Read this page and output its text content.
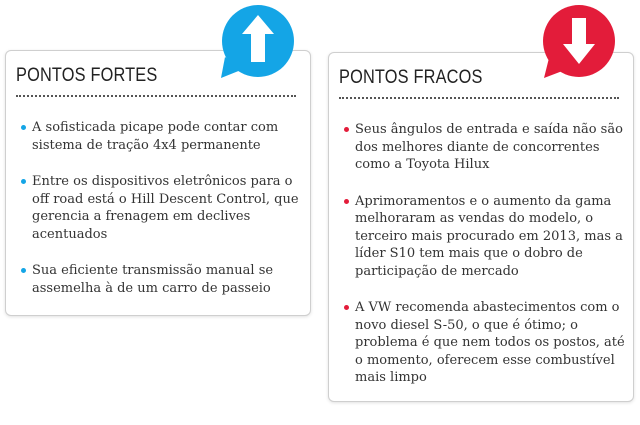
PONTOS FORTES
A sofisticada picape pode contar com sistema de tração 4x4 permanente
Entre os dispositivos eletrônicos para o off road está o Hill Descent Control, que gerencia a frenagem em declives acentuados
Sua eficiente transmissão manual se assemelha à de um carro de passeio
PONTOS FRACOS
Seus ângulos de entrada e saída não são dos melhores diante de concorrentes como a Toyota Hilux
Aprimoramentos e o aumento da gama melhoraram as vendas do modelo, o terceiro mais procurado em 2013, mas a líder S10 tem mais que o dobro de participação de mercado
A VW recomenda abastecimentos com o novo diesel S-50, o que é ótimo; o problema é que nem todos os postos, até o momento, oferecem esse combustível mais limpo
